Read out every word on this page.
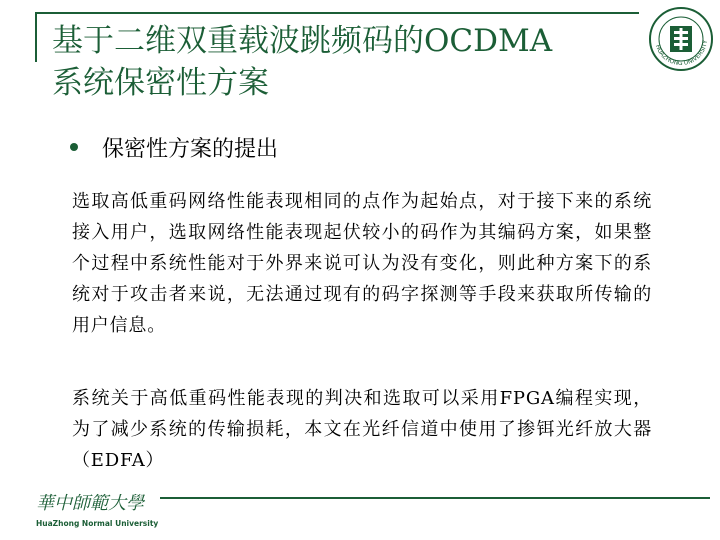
基于二维双重载波跳频码的OCDMA
系统保密性方案
HUAZHONG UNIVERSITY
保密性方案的提出
选取高低重码网络性能表现相同的点作为起始点，对于接下来的系统接入用户，选取网络性能表现起伏较小的码作为其编码方案，如果整个过程中系统性能对于外界来说可认为没有变化，则此种方案下的系统对于攻击者来说，无法通过现有的码字探测等手段来获取所传输的用户信息。
系统关于高低重码性能表现的判决和选取可以采用FPGA编程实现，为了减少系统的传输损耗，本文在光纤信道中使用了掺铒光纤放大器（EDFA）
華中師範大學
HuaZhong Normal University
